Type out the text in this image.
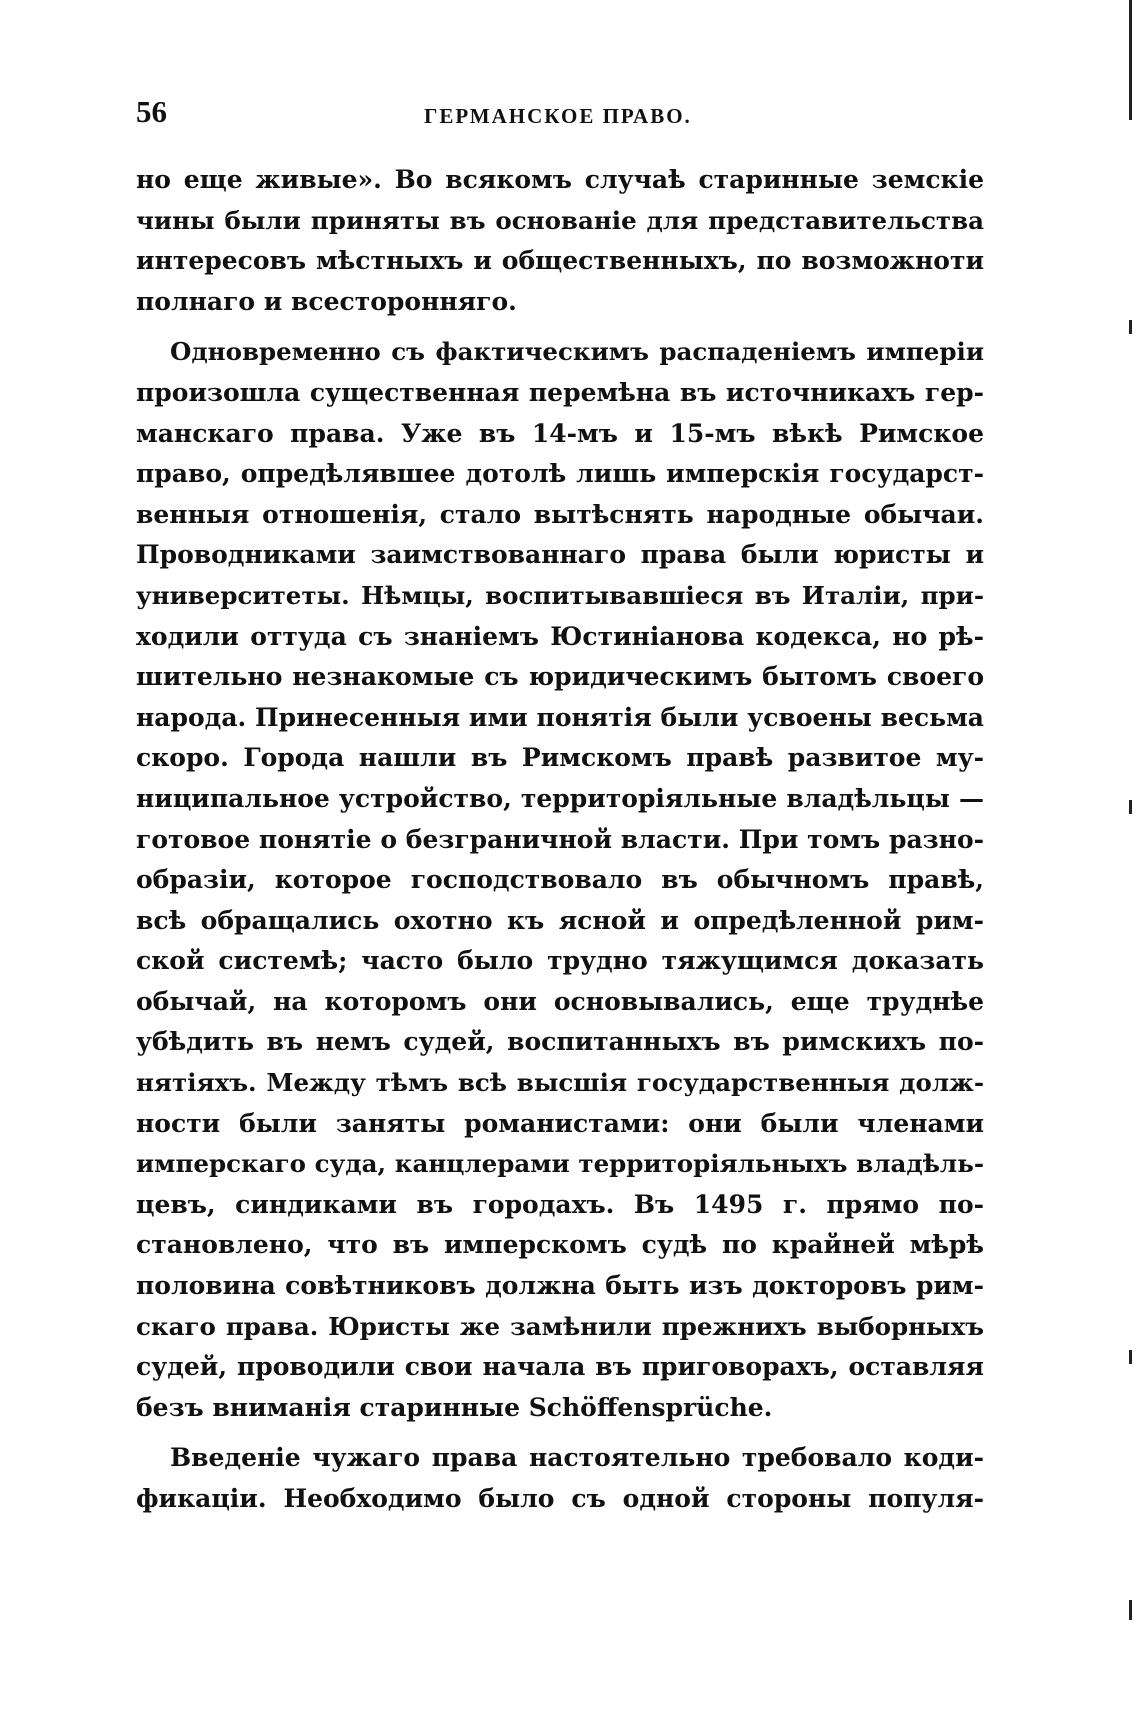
56	ГЕРМАНСКОЕ ПРАВО.
но еще живые». Во всякомъ случаѣ старинные земскіе
чины были приняты въ основаніе для представительства
интересовъ мѣстныхъ и общественныхъ, по возможноти
полнаго и всесторонняго.
Одновременно съ фактическимъ распаденіемъ имперіи
произошла существенная перемѣна въ источникахъ гер-
манскаго права. Уже въ 14-мъ и 15-мъ вѣкѣ Римское
право, опредѣлявшее дотолѣ лишь имперскія государст-
венныя отношенія, стало вытѣснять народные обычаи.
Проводниками заимствованнаго права были юристы и
университеты. Нѣмцы, воспитывавшіеся въ Италіи, при-
ходили оттуда съ знаніемъ Юстиніанова кодекса, но рѣ-
шительно незнакомые съ юридическимъ бытомъ своего
народа. Принесенныя ими понятія были усвоены весьма
скоро. Города нашли въ Римскомъ правѣ развитое му-
ниципальное устройство, территоріяльные владѣльцы —
готовое понятіе о безграничной власти. При томъ разно-
образіи, которое господствовало въ обычномъ правѣ,
всѣ обращались охотно къ ясной и опредѣленной рим-
ской системѣ; часто было трудно тяжущимся доказать
обычай, на которомъ они основывались, еще труднѣе
убѣдить въ немъ судей, воспитанныхъ въ римскихъ по-
нятіяхъ. Между тѣмъ всѣ высшія государственныя долж-
ности были заняты романистами: они были членами
имперскаго суда, канцлерами территоріяльныхъ владѣль-
цевъ, синдиками въ городахъ. Въ 1495 г. прямо по-
становлено, что въ имперскомъ судѣ по крайней мѣрѣ
половина совѣтниковъ должна быть изъ докторовъ рим-
скаго права. Юристы же замѣнили прежнихъ выборныхъ
судей, проводили свои начала въ приговорахъ, оставляя
безъ вниманія старинные Schöffensprüche.
Введеніе чужаго права настоятельно требовало коди-
фикаціи. Необходимо было съ одной стороны популя-
